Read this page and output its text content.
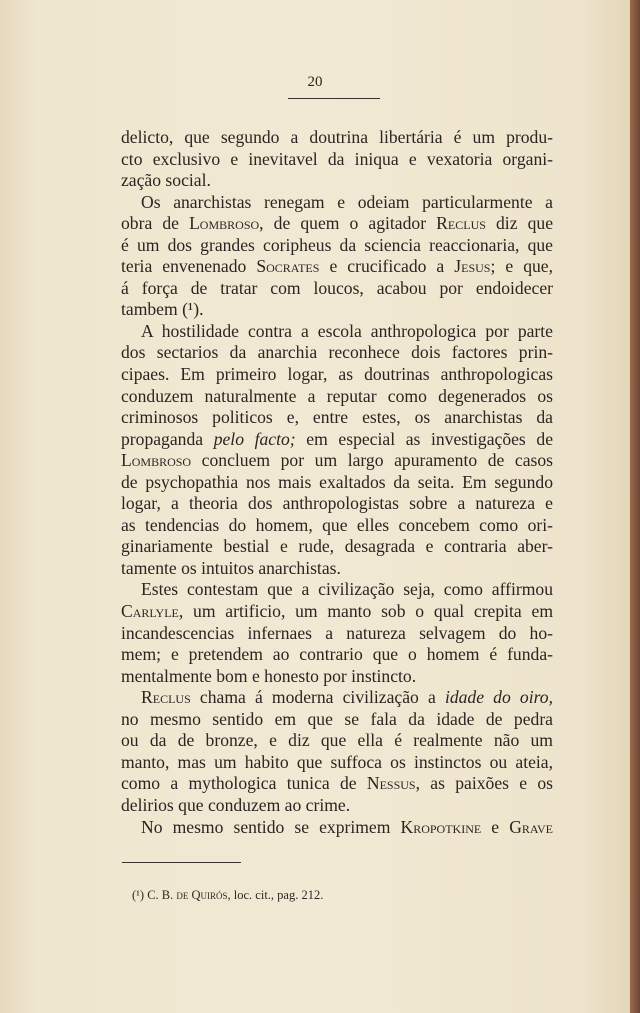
20
delicto, que segundo a doutrina libertária é um produ-
cto exclusivo e inevitavel da iniqua e vexatoria organi-
zação social.
Os anarchistas renegam e odeiam particularmente a
obra de Lombroso, de quem o agitador Reclus diz que
é um dos grandes coripheus da sciencia reaccionaria, que
teria envenenado Socrates e crucificado a Jesus; e que,
á força de tratar com loucos, acabou por endoidecer
tambem (¹).
A hostilidade contra a escola anthropologica por parte
dos sectarios da anarchia reconhece dois factores prin-
cipaes. Em primeiro logar, as doutrinas anthropologicas
conduzem naturalmente a reputar como degenerados os
criminosos politicos e, entre estes, os anarchistas da
propaganda pelo facto; em especial as investigações de
Lombroso concluem por um largo apuramento de casos
de psychopathia nos mais exaltados da seita. Em segundo
logar, a theoria dos anthropologistas sobre a natureza e
as tendencias do homem, que elles concebem como ori-
ginariamente bestial e rude, desagrada e contraria aber-
tamente os intuitos anarchistas.
Estes contestam que a civilização seja, como affirmou
Carlyle, um artificio, um manto sob o qual crepita em
incandescencias infernaes a natureza selvagem do ho-
mem; e pretendem ao contrario que o homem é funda-
mentalmente bom e honesto por instincto.
Reclus chama á moderna civilização a idade do oiro,
no mesmo sentido em que se fala da idade de pedra
ou da de bronze, e diz que ella é realmente não um
manto, mas um habito que suffoca os instinctos ou ateia,
como a mythologica tunica de Nessus, as paixões e os
delirios que conduzem ao crime.
No mesmo sentido se exprimem Kropotkine e Grave
(¹) C. B. de Quirós, loc. cit., pag. 212.
